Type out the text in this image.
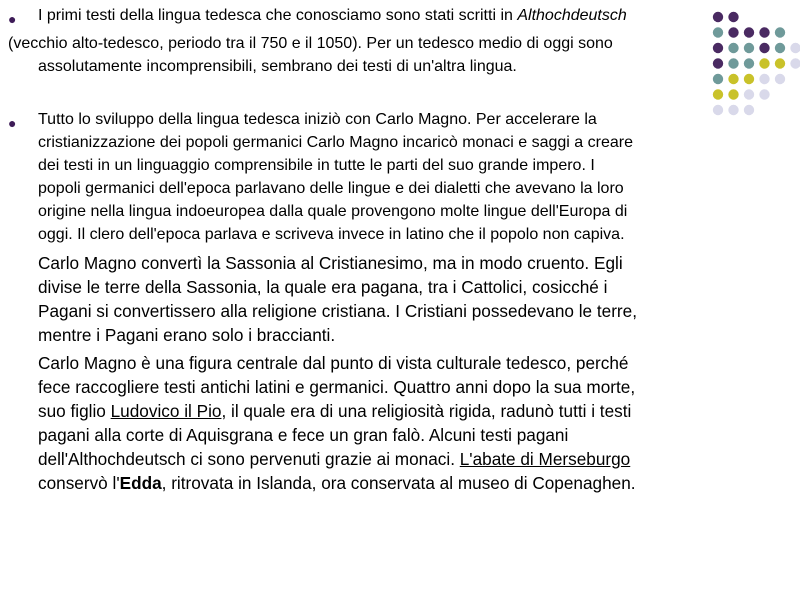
● I primi testi della lingua tedesca che conosciamo sono stati scritti in Althochdeutsch
(vecchio alto-tedesco, periodo tra il 750 e il 1050). Per un tedesco medio di oggi sono
assolutamente incomprensibili, sembrano dei testi di un'altra lingua.
● Tutto lo sviluppo della lingua tedesca iniziò con Carlo Magno. Per accelerare la
cristianizzazione dei popoli germanici Carlo Magno incaricò monaci e saggi a creare
dei testi in un linguaggio comprensibile in tutte le parti del suo grande impero. I
popoli germanici dell'epoca parlavano delle lingue e dei dialetti che avevano la loro
origine nella lingua indoeuropea dalla quale provengono molte lingue dell'Europa di
oggi. Il clero dell'epoca parlava e scriveva invece in latino che il popolo non capiva.
Carlo Magno convertì la Sassonia al Cristianesimo, ma in modo cruento. Egli
divise le terre della Sassonia, la quale era pagana, tra i Cattolici, cosicché i
Pagani si convertissero alla religione cristiana. I Cristiani possedevano le terre,
mentre i Pagani erano solo i braccianti.
Carlo Magno è una figura centrale dal punto di vista culturale tedesco, perché
fece raccogliere testi antichi latini e germanici. Quattro anni dopo la sua morte,
suo figlio Ludovico il Pio, il quale era di una religiosità rigida, radunò tutti i testi
pagani alla corte di Aquisgrana e fece un gran falò. Alcuni testi pagani
dell'Althochdeutsch ci sono pervenuti grazie ai monaci. L'abate di Merseburgo
conservò l'Edda, ritrovata in Islanda, ora conservata al museo di Copenaghen.
